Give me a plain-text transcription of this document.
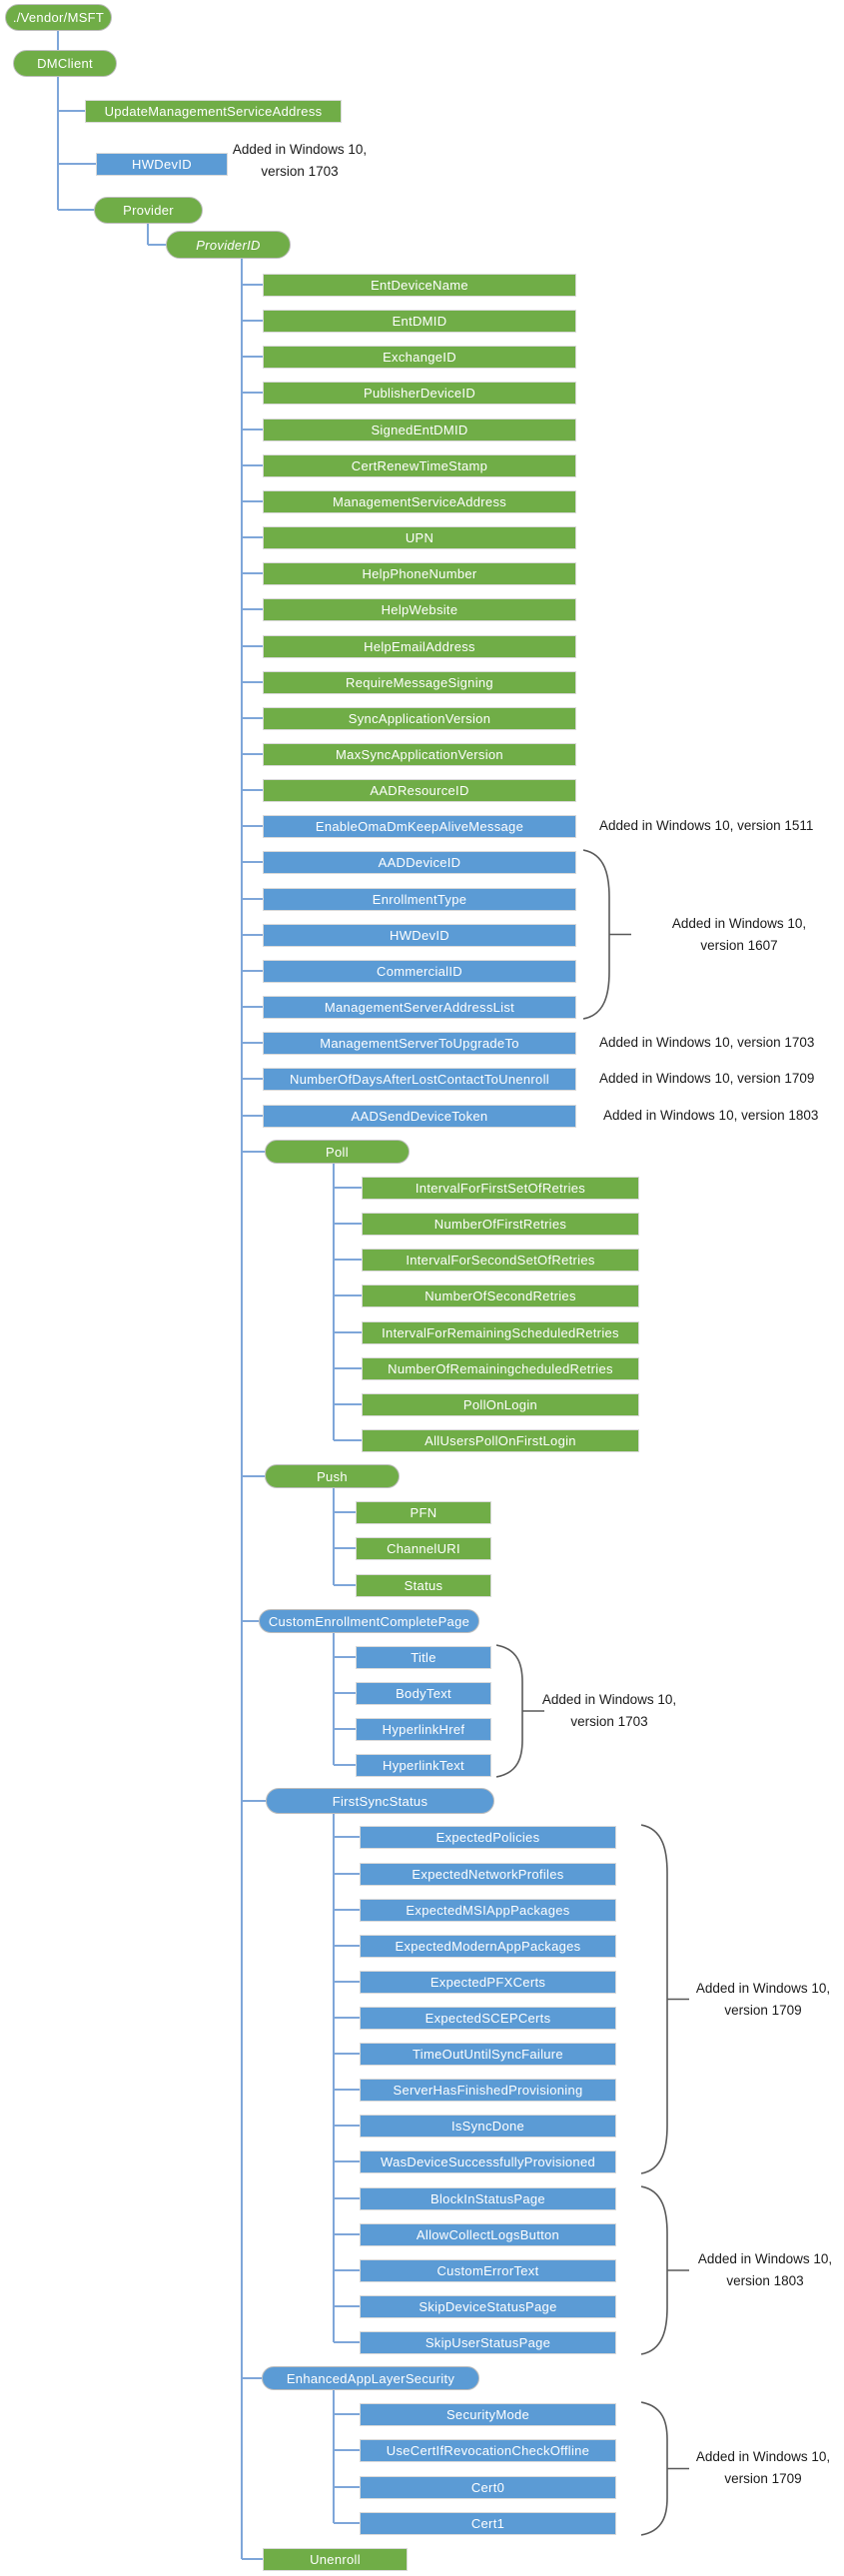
./Vendor/MSFT
DMClient
UpdateManagementServiceAddress
HWDevID
Provider
ProviderID
EntDeviceName
EntDMID
ExchangeID
PublisherDeviceID
SignedEntDMID
CertRenewTimeStamp
ManagementServiceAddress
UPN
HelpPhoneNumber
HelpWebsite
HelpEmailAddress
RequireMessageSigning
SyncApplicationVersion
MaxSyncApplicationVersion
AADResourceID
EnableOmaDmKeepAliveMessage
AADDeviceID
EnrollmentType
HWDevID
CommercialID
ManagementServerAddressList
ManagementServerToUpgradeTo
NumberOfDaysAfterLostContactToUnenroll
AADSendDeviceToken
Poll
IntervalForFirstSetOfRetries
NumberOfFirstRetries
IntervalForSecondSetOfRetries
NumberOfSecondRetries
IntervalForRemainingScheduledRetries
NumberOfRemainingcheduledRetries
PollOnLogin
AllUsersPollOnFirstLogin
Push
PFN
ChannelURI
Status
CustomEnrollmentCompletePage
Title
BodyText
HyperlinkHref
HyperlinkText
FirstSyncStatus
ExpectedPolicies
ExpectedNetworkProfiles
ExpectedMSIAppPackages
ExpectedModernAppPackages
ExpectedPFXCerts
ExpectedSCEPCerts
TimeOutUntilSyncFailure
ServerHasFinishedProvisioning
IsSyncDone
WasDeviceSuccessfullyProvisioned
BlockInStatusPage
AllowCollectLogsButton
CustomErrorText
SkipDeviceStatusPage
SkipUserStatusPage
EnhancedAppLayerSecurity
SecurityMode
UseCertIfRevocationCheckOffline
Cert0
Cert1
Unenroll
Added in Windows 10,
version 1607
Added in Windows 10,
version 1703
Added in Windows 10,
version 1709
Added in Windows 10,
version 1803
Added in Windows 10,
version 1709
Added in Windows 10,
version 1703
Added in Windows 10, version 1511
Added in Windows 10, version 1703
Added in Windows 10, version 1709
Added in Windows 10, version 1803
